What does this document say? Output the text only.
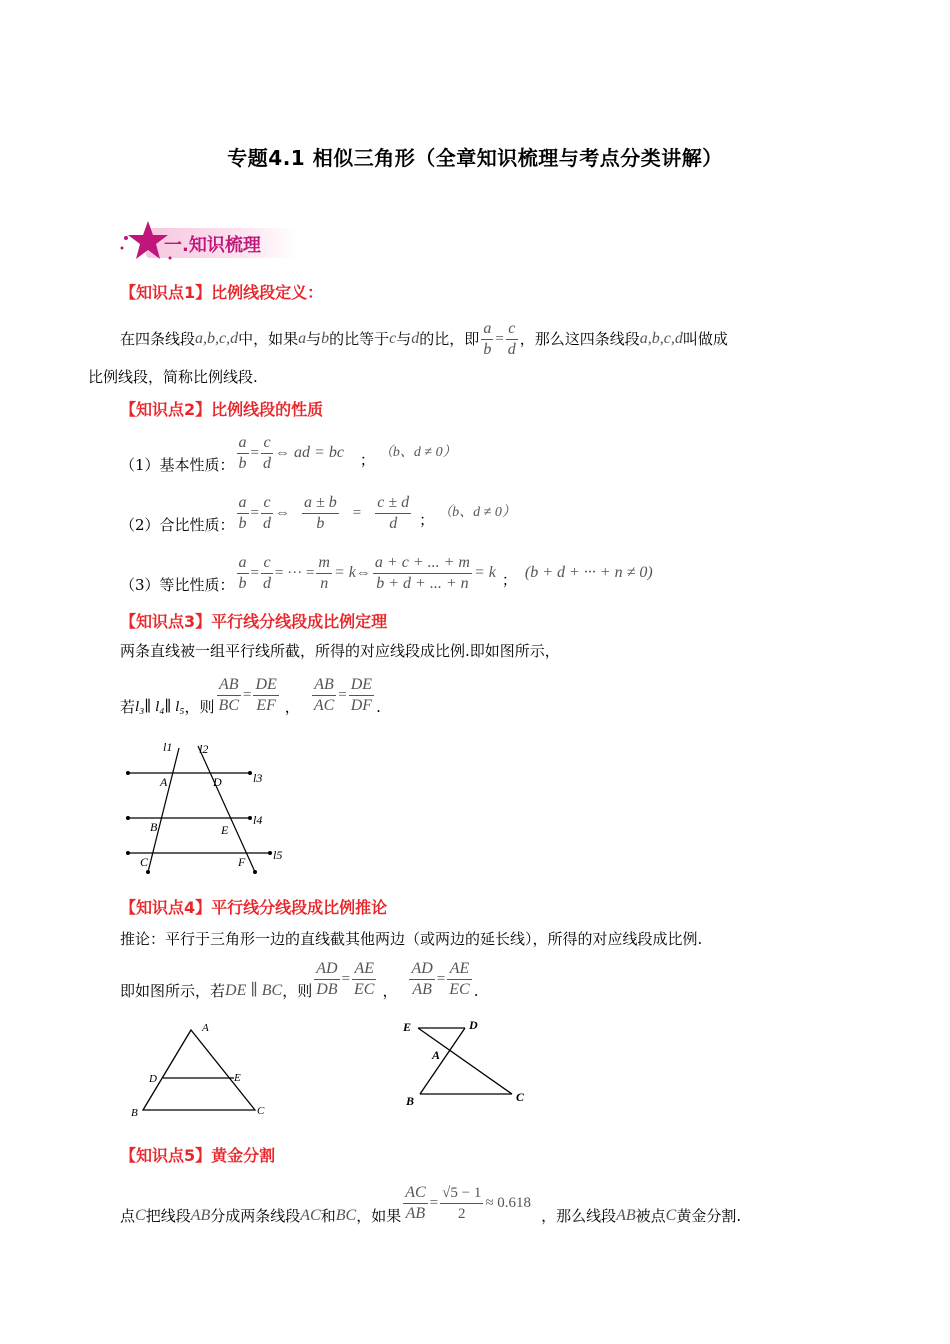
专题4.1 相似三角形（全章知识梳理与考点分类讲解）
一.知识梳理
【知识点1】比例线段定义：
在四条线段 a,b,c,d 中，如果 a 与 b 的比等于 c 与 d 的比，即 $\frac{a}{b} = \frac{c}{d}$ ，那么这四条线段 a,b,c,d 叫做成
比例线段，简称比例线段.
【知识点2】比例线段的性质
（1）基本性质： $\frac{a}{b} = \frac{c}{d}$ ⇔ ad = bc ； （b、d ≠ 0）
（2）合比性质： $\frac{a}{b} = \frac{c}{d}$ ⇔ $\frac{a \pm b}{b} = \frac{c \pm d}{d}$ ； （b、d ≠ 0）
（3）等比性质： $\frac{a}{b} = \frac{c}{d}$ = ··· = $\frac{m}{n} = k$ ⇔ $\frac{a + c + ... + m}{b + d + ... + n} = k$ ； (b + d + ··· + n ≠ 0)
【知识点3】平行线分线段成比例定理
两条直线被一组平行线所截，所得的对应线段成比例.即如图所示，
若 l₃∥ l₄∥ l₅ ，则 $\frac{AB}{BC} = \frac{DE}{EF}$ ， $\frac{AB}{AC} = \frac{DE}{DF}$ .
l1 l2
l3
l4
l5
A
B
C
D
E
F
【知识点4】平行线分线段成比例推论
推论：平行于三角形一边的直线截其他两边（或两边的延长线），所得的对应线段成比例.
即如图所示，若 DE ∥ BC ，则 $\frac{AD}{DB} = \frac{AE}{EC}$ ， $\frac{AD}{AB} = \frac{AE}{EC}$ .
A
D	E
B	C
E	D
A
B	C
【知识点5】黄金分割
点 C 把线段 AB 分成两条线段 AC 和 BC ，如果 $\frac{AC}{AB} = \frac{√5 - 1}{2} \approx 0.618$
，那么线段 AB 被点 C 黄金分割.
